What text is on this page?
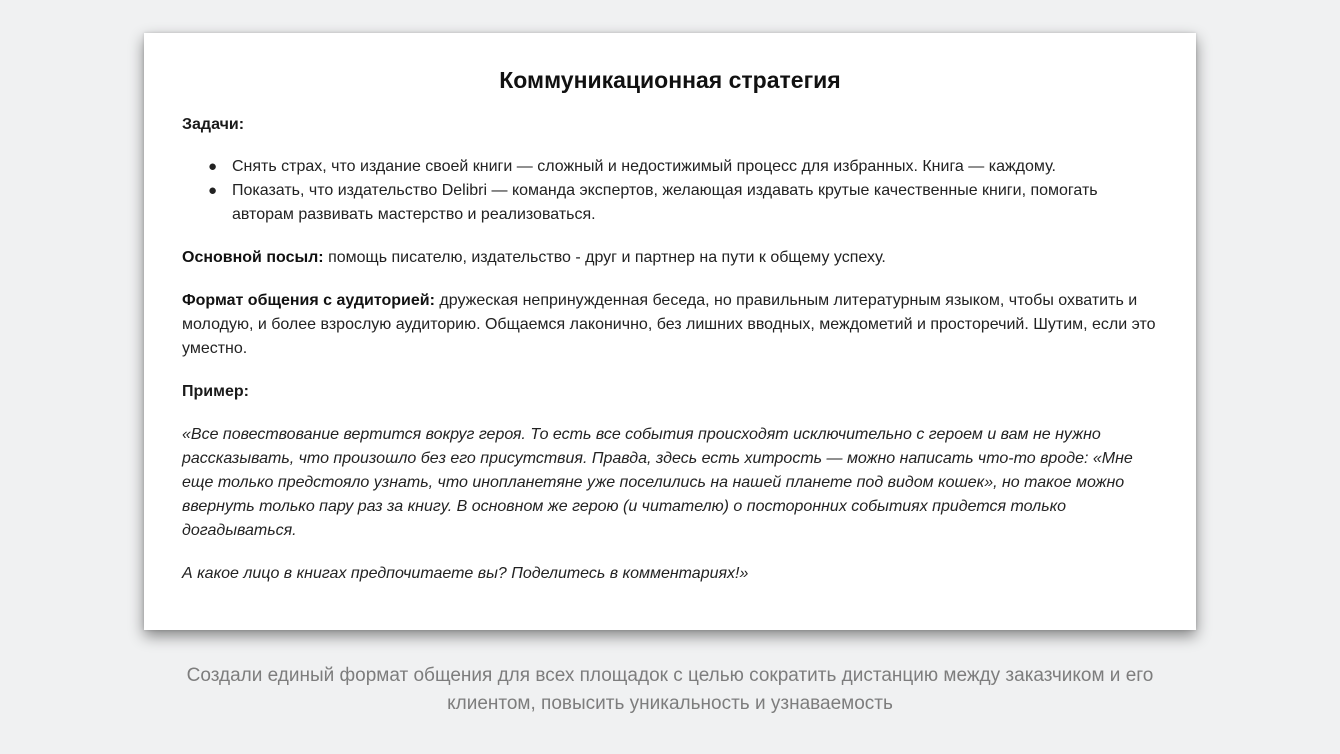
Коммуникационная стратегия

Задачи:

● Снять страх, что издание своей книги — сложный и недостижимый процесс для избранных. Книга — каждому.
● Показать, что издательство Delibri — команда экспертов, желающая издавать крутые качественные книги, помогать авторам развивать мастерство и реализоваться.

Основной посыл: помощь писателю, издательство - друг и партнер на пути к общему успеху.

Формат общения с аудиторией: дружеская непринужденная беседа, но правильным литературным языком, чтобы охватить и молодую, и более взрослую аудиторию. Общаемся лаконично, без лишних вводных, междометий и просторечий. Шутим, если это уместно.

Пример:

«Все повествование вертится вокруг героя. То есть все события происходят исключительно с героем и вам не нужно рассказывать, что произошло без его присутствия. Правда, здесь есть хитрость — можно написать что-то вроде: «Мне еще только предстояло узнать, что инопланетяне уже поселились на нашей планете под видом кошек», но такое можно ввернуть только пару раз за книгу. В основном же герою (и читателю) о посторонних событиях придется только догадываться.

А какое лицо в книгах предпочитаете вы? Поделитесь в комментариях!»

Создали единый формат общения для всех площадок с целью сократить дистанцию между заказчиком и его клиентом, повысить уникальность и узнаваемость
